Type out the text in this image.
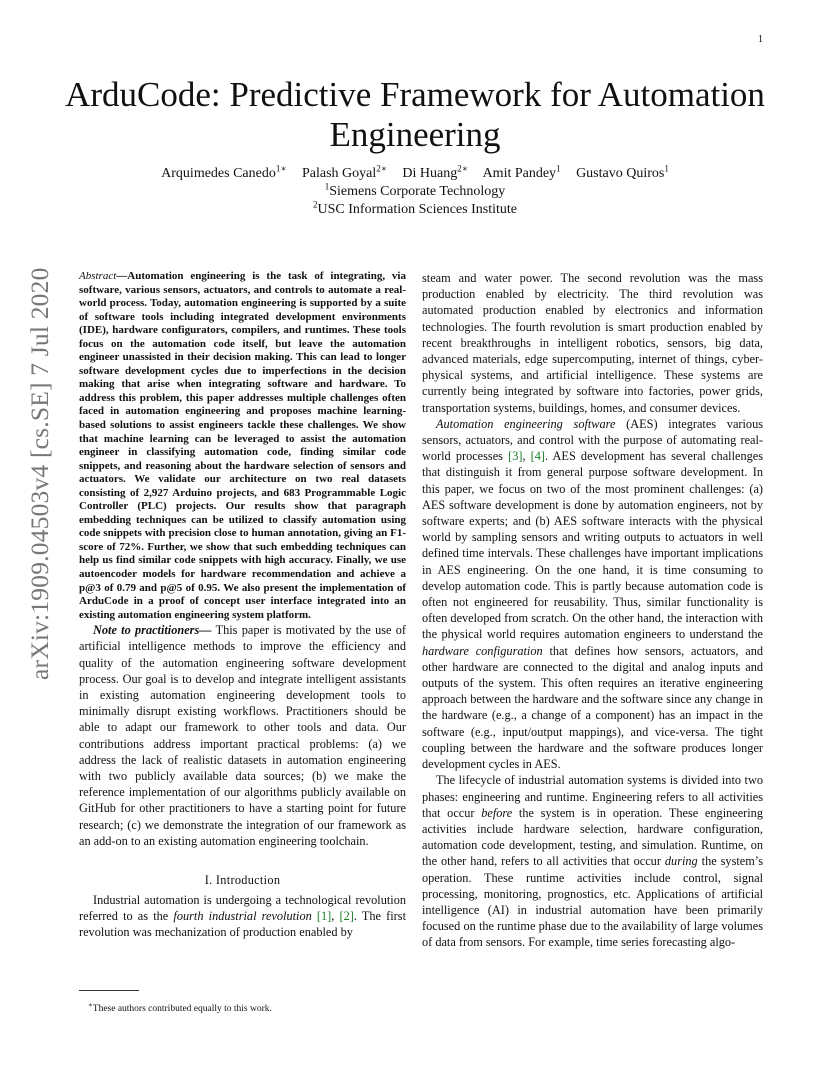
1
arXiv:1909.04503v4 [cs.SE] 7 Jul 2020
ArduCode: Predictive Framework for Automation Engineering
Arquimedes Canedo$^{1∗}$ Palash Goyal$^{2∗}$ Di Huang$^{2∗}$ Amit Pandey$^1$ Gustavo Quiros$^1$
$^1$Siemens Corporate Technology
$^2$USC Information Sciences Institute

Abstract—Automation engineering is the task of integrating, via software, various sensors, actuators, and controls to automate a real-world process. Today, automation engineering is supported by a suite of software tools including integrated development environments (IDE), hardware configurators, compilers, and runtimes. These tools focus on the automation code itself, but leave the automation engineer unassisted in their decision making. This can lead to longer software development cycles due to imperfections in the decision making that arise when integrating software and hardware. To address this problem, this paper addresses multiple challenges often faced in automation engineering and proposes machine learning-based solutions to assist engineers tackle these challenges. We show that machine learning can be leveraged to assist the automation engineer in classifying automation code, finding similar code snippets, and reasoning about the hardware selection of sensors and actuators. We validate our architecture on two real datasets consisting of 2,927 Arduino projects, and 683 Programmable Logic Controller (PLC) projects. Our results show that paragraph embedding techniques can be utilized to classify automation using code snippets with precision close to human annotation, giving an F1-score of 72%. Further, we show that such embedding techniques can help us find similar code snippets with high accuracy. Finally, we use autoencoder models for hardware recommendation and achieve a p@3 of 0.79 and p@5 of 0.95. We also present the implementation of ArduCode in a proof of concept user interface integrated into an existing automation engineering system platform.

Note to practitioners— This paper is motivated by the use of artificial intelligence methods to improve the efficiency and quality of the automation engineering software development process. Our goal is to develop and integrate intelligent assistants in existing automation engineering development tools to minimally disrupt existing workflows. Practitioners should be able to adapt our framework to other tools and data. Our contributions address important practical problems: (a) we address the lack of realistic datasets in automation engineering with two publicly available data sources; (b) we make the reference implementation of our algorithms publicly available on GitHub for other practitioners to have a starting point for future research; (c) we demonstrate the integration of our framework as an add-on to an existing automation engineering toolchain.

I. Introduction

Industrial automation is undergoing a technological revolution referred to as the fourth industrial revolution [1], [2]. The first revolution was mechanization of production enabled by

∗These authors contributed equally to this work.

steam and water power. The second revolution was the mass production enabled by electricity. The third revolution was automated production enabled by electronics and information technologies. The fourth revolution is smart production enabled by recent breakthroughs in intelligent robotics, sensors, big data, advanced materials, edge supercomputing, internet of things, cyber-physical systems, and artificial intelligence. These systems are currently being integrated by software into factories, power grids, transportation systems, buildings, homes, and consumer devices.

Automation engineering software (AES) integrates various sensors, actuators, and control with the purpose of automating real-world processes [3], [4]. AES development has several challenges that distinguish it from general purpose software development. In this paper, we focus on two of the most prominent challenges: (a) AES software development is done by automation engineers, not by software experts; and (b) AES software interacts with the physical world by sampling sensors and writing outputs to actuators in well defined time intervals. These challenges have important implications in AES engineering. On the one hand, it is time consuming to develop automation code. This is partly because automation code is often not engineered for reusability. Thus, similar functionality is often developed from scratch. On the other hand, the interaction with the physical world requires automation engineers to understand the hardware configuration that defines how sensors, actuators, and other hardware are connected to the digital and analog inputs and outputs of the system. This often requires an iterative engineering approach between the hardware and the software since any change in the hardware (e.g., a change of a component) has an impact in the software (e.g., input/output mappings), and vice-versa. The tight coupling between the hardware and the software produces longer development cycles in AES.

The lifecycle of industrial automation systems is divided into two phases: engineering and runtime. Engineering refers to all activities that occur before the system is in operation. These engineering activities include hardware selection, hardware configuration, automation code development, testing, and simulation. Runtime, on the other hand, refers to all activities that occur during the system’s operation. These runtime activities include control, signal processing, monitoring, prognostics, etc. Applications of artificial intelligence (AI) in industrial automation have been primarily focused on the runtime phase due to the availability of large volumes of data from sensors. For example, time series forecasting algo-
